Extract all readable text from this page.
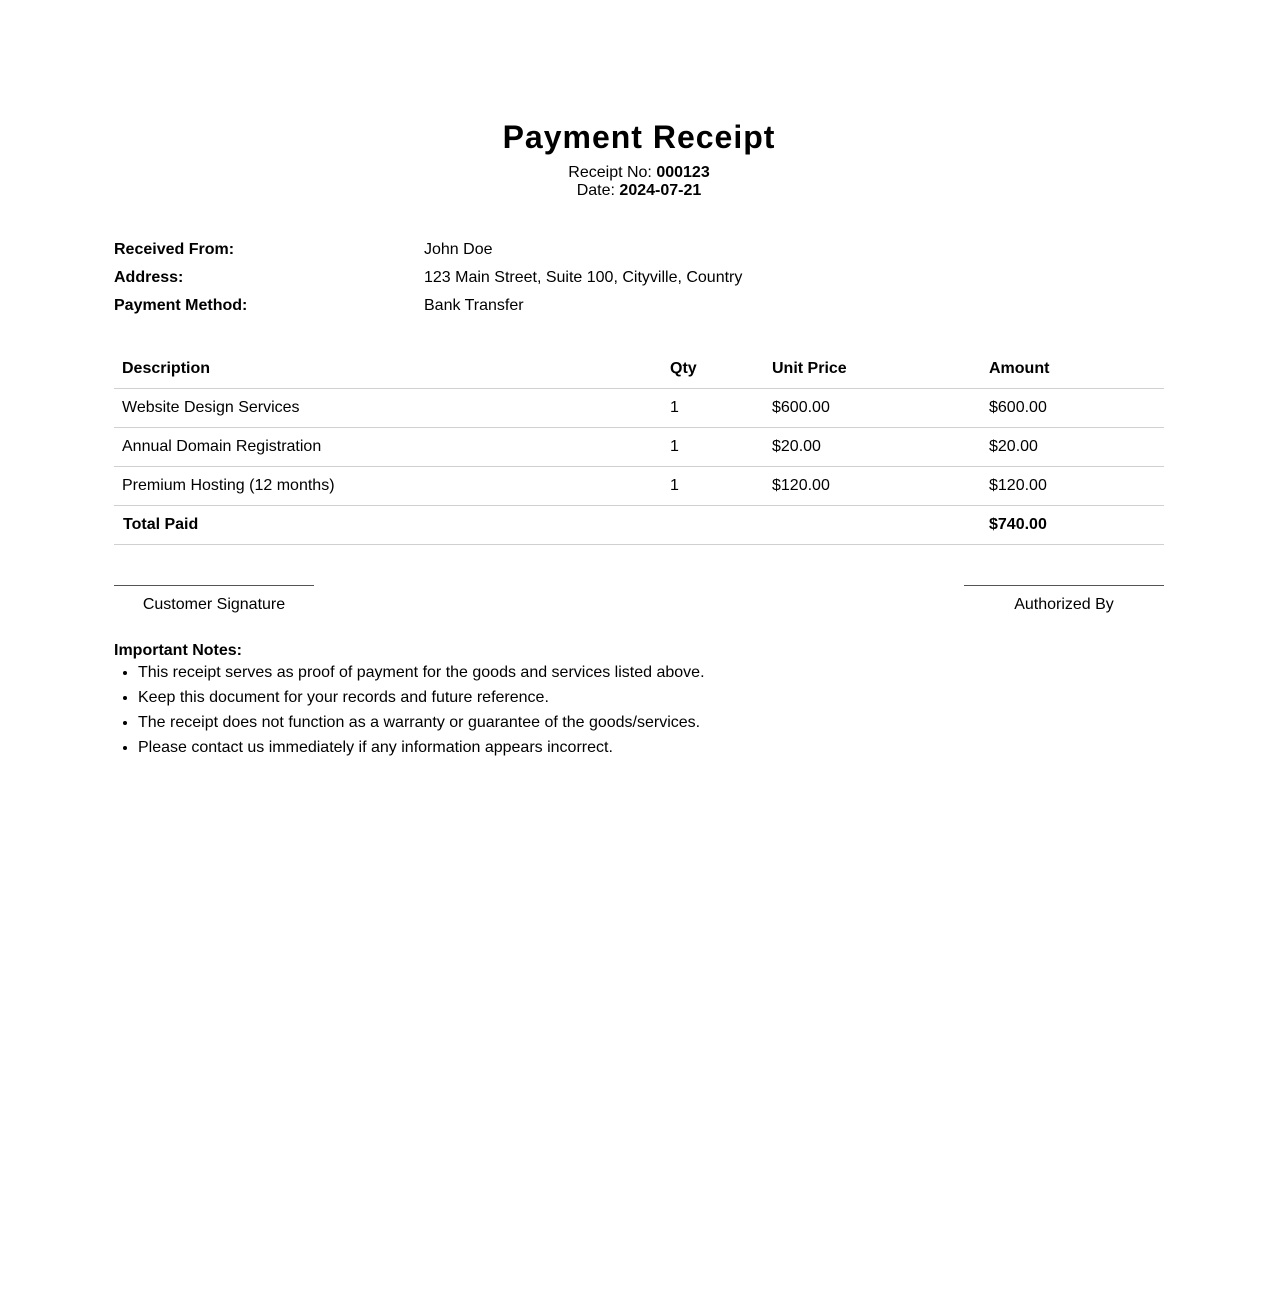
Payment Receipt
Receipt No: 000123
Date: 2024-07-21
Received From:	John Doe
Address:	123 Main Street, Suite 100, Cityville, Country
Payment Method:	Bank Transfer
Description	Qty	Unit Price	Amount
Website Design Services	1	$600.00	$600.00
Annual Domain Registration	1	$20.00	$20.00
Premium Hosting (12 months)	1	$120.00	$120.00
Total Paid			$740.00
Customer Signature	Authorized By
Important Notes:
• This receipt serves as proof of payment for the goods and services listed above.
• Keep this document for your records and future reference.
• The receipt does not function as a warranty or guarantee of the goods/services.
• Please contact us immediately if any information appears incorrect.
